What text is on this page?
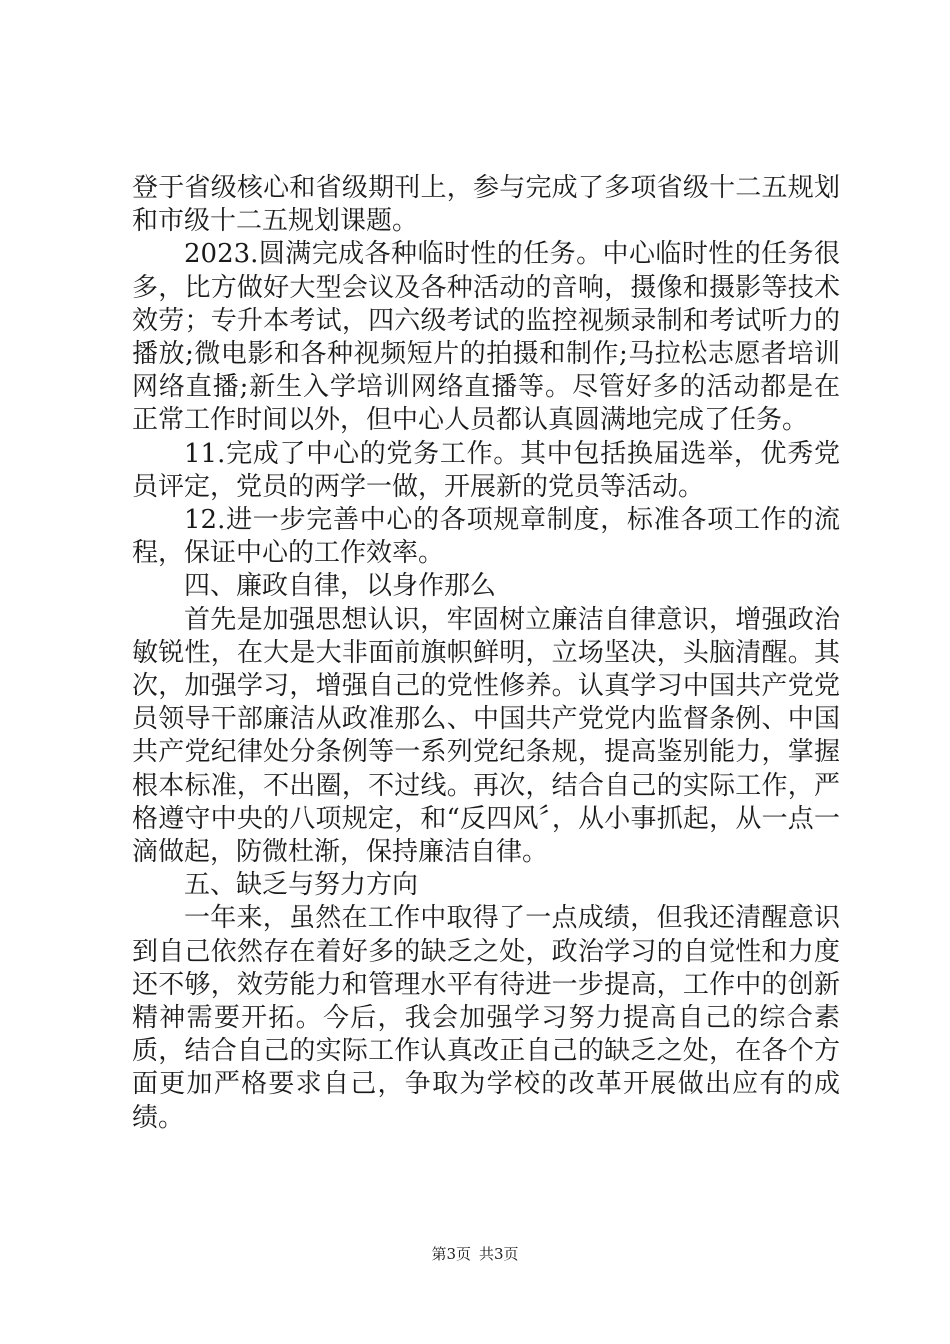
登于省级核心和省级期刊上，参与完成了多项省级十二五规划和市级十二五规划课题。

2023.圆满完成各种临时性的任务。中心临时性的任务很多，比方做好大型会议及各种活动的音响，摄像和摄影等技术效劳；专升本考试，四六级考试的监控视频录制和考试听力的播放;微电影和各种视频短片的拍摄和制作;马拉松志愿者培训网络直播;新生入学培训网络直播等。尽管好多的活动都是在正常工作时间以外，但中心人员都认真圆满地完成了任务。

11.完成了中心的党务工作。其中包括换届选举，优秀党员评定，党员的两学一做，开展新的党员等活动。

12.进一步完善中心的各项规章制度，标准各项工作的流程，保证中心的工作效率。

四、廉政自律，以身作那么

首先是加强思想认识，牢固树立廉洁自律意识，增强政治敏锐性，在大是大非面前旗帜鲜明，立场坚决，头脑清醒。其次，加强学习，增强自己的党性修养。认真学习中国共产党党员领导干部廉洁从政准那么、中国共产党党内监督条例、中国共产党纪律处分条例等一系列党纪条规，提高鉴别能力，掌握根本标准，不出圈，不过线。再次，结合自己的实际工作，严格遵守中央的八项规定，和“反四风〞，从小事抓起，从一点一滴做起，防微杜渐，保持廉洁自律。

五、缺乏与努力方向

一年来，虽然在工作中取得了一点成绩，但我还清醒意识到自己依然存在着好多的缺乏之处，政治学习的自觉性和力度还不够，效劳能力和管理水平有待进一步提高，工作中的创新精神需要开拓。今后，我会加强学习努力提高自己的综合素质，结合自己的实际工作认真改正自己的缺乏之处，在各个方面更加严格要求自己，争取为学校的改革开展做出应有的成绩。

第3页 共3页
